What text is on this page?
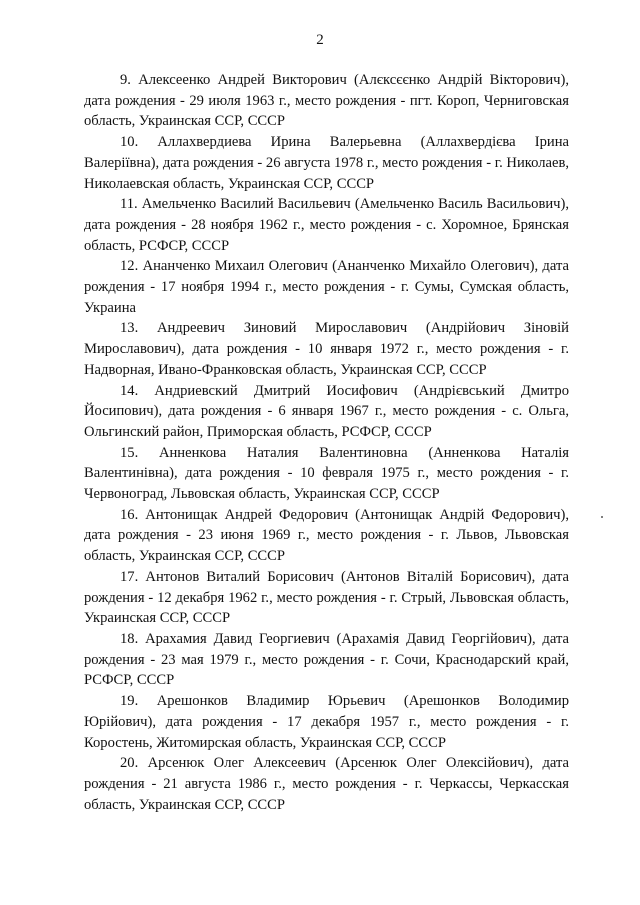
2

9. Алексеенко Андрей Викторович (Алєксєєнко Андрій Вікторович), дата рождения - 29 июля 1963 г., место рождения - пгт. Короп, Черниговская область, Украинская ССР, СССР

10. Аллахвердиева Ирина Валерьевна (Аллахвердієва Ірина Валеріївна), дата рождения - 26 августа 1978 г., место рождения - г. Николаев, Николаевская область, Украинская ССР, СССР

11. Амельченко Василий Васильевич (Амельченко Василь Васильович), дата рождения - 28 ноября 1962 г., место рождения - с. Хоромное, Брянская область, РСФСР, СССР

12. Ананченко Михаил Олегович (Ананченко Михайло Олегович), дата рождения - 17 ноября 1994 г., место рождения - г. Сумы, Сумская область, Украина

13. Андреевич Зиновий Мирославович (Андрійович Зіновій Мирославович), дата рождения - 10 января 1972 г., место рождения - г. Надворная, Ивано-Франковская область, Украинская ССР, СССР

14. Андриевский Дмитрий Иосифович (Андрієвський Дмитро Йосипович), дата рождения - 6 января 1967 г., место рождения - с. Ольга, Ольгинский район, Приморская область, РСФСР, СССР

15. Анненкова Наталия Валентиновна (Анненкова Наталія Валентинівна), дата рождения - 10 февраля 1975 г., место рождения - г. Червоноград, Львовская область, Украинская ССР, СССР

16. Антонищак Андрей Федорович (Антонищак Андрій Федорович), дата рождения - 23 июня 1969 г., место рождения - г. Львов, Львовская область, Украинская ССР, СССР

17. Антонов Виталий Борисович (Антонов Віталій Борисович), дата рождения - 12 декабря 1962 г., место рождения - г. Стрый, Львовская область, Украинская ССР, СССР

18. Арахамия Давид Георгиевич (Арахамія Давид Георгійович), дата рождения - 23 мая 1979 г., место рождения - г. Сочи, Краснодарский край, РСФСР, СССР

19. Арешонков Владимир Юрьевич (Арешонков Володимир Юрійович), дата рождения - 17 декабря 1957 г., место рождения - г. Коростень, Житомирская область, Украинская ССР, СССР

20. Арсенюк Олег Алексеевич (Арсенюк Олег Олексійович), дата рождения - 21 августа 1986 г., место рождения - г. Черкассы, Черкасская область, Украинская ССР, СССР
